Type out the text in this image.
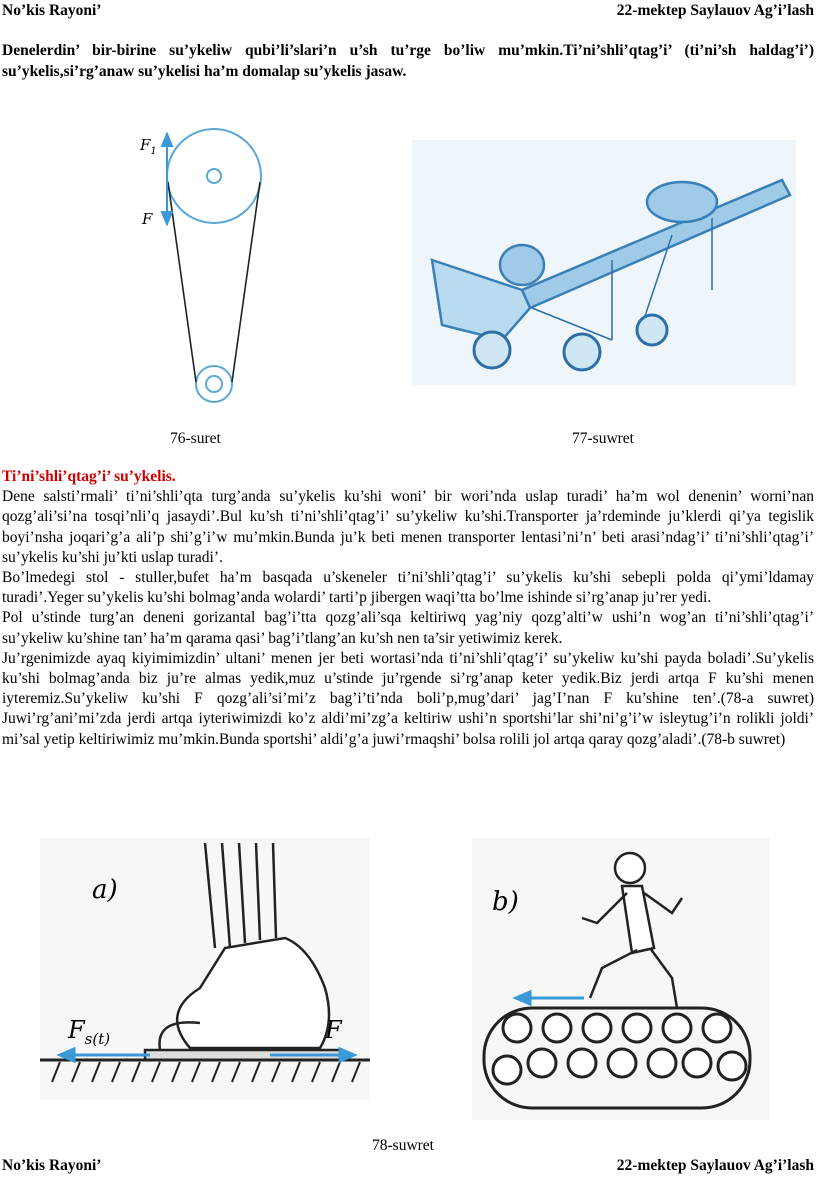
No’kis Rayoni’	22-mektep Saylauov Ag’i’lash
Denelerdin’ bir-birine su’ykeliw qubi’li’slari’n u’sh tu’rge bo’liw mu’mkin.Ti’ni’shli’qtag’i’ (ti’ni’sh haldag’i’) su’ykelis,si’rg’anaw su’ykelisi ha’m domalap su’ykelis jasaw.
$F_1$
F
76-suret	77-suwret
Ti’ni’shli’qtag’i’ su’ykelis.

Dene salsti’rmali’ ti’ni’shli’qta turg’anda su’ykelis ku’shi woni’ bir wori’nda uslap turadi’ ha’m wol denenin’ worni’nan qozg’ali’si’na tosqi’nli’q jasaydi’.Bul ku’sh ti’ni’shli’qtag’i’ su’ykeliw ku’shi.Transporter ja’rdeminde ju’klerdi qi’ya tegislik boyi’nsha joqari’g’a ali’p shi’g’i’w mu’mkin.Bunda ju’k beti menen transporter lentasi’ni’n’ beti arasi’ndag’i’ ti’ni’shli’qtag’i’ su’ykelis ku’shi ju’kti uslap turadi’.

Bo’lmedegi stol - stuller,bufet ha’m basqada u’skeneler ti’ni’shli’qtag’i’ su’ykelis ku’shi sebepli polda qi’ymi’ldamay turadi’.Yeger su’ykelis ku’shi bolmag’anda wolardi’ tarti’p jibergen waqi’tta bo’lme ishinde si’rg’anap ju’rer yedi.

Pol u’stinde turg’an deneni gorizantal bag’i’tta qozg’ali’sqa keltiriwq yag’niy qozg’alti’w ushi’n wog’an ti’ni’shli’qtag’i’ su’ykeliw ku’shine tan’ ha’m qarama qasi’ bag’i’tlang’an ku’sh nen ta’sir yetiwimiz kerek.

Ju’rgenimizde ayaq kiyimimizdin’ ultani’ menen jer beti wortasi’nda ti’ni’shli’qtag’i’ su’ykeliw ku’shi payda boladi’.Su’ykelis ku’shi bolmag’anda biz ju’re almas yedik,muz u’stinde ju’rgende si’rg’anap keter yedik.Biz jerdi artqa F ku’shi menen iyteremiz.Su’ykeliw ku’shi F qozg’ali’si’mi’z bag’i’ti’nda boli’p,mug’dari’ jag’I’nan F ku’shine ten’.(78-a suwret) Juwi’rg’ani’mi’zda jerdi artqa iyteriwimizdi ko’z aldi’mi’zg’a keltiriw ushi’n sportshi’lar shi’ni’g’i’w isleytug’i’n rolikli joldi’ mi’sal yetip keltiriwimiz mu’mkin.Bunda sportshi’ aldi’g’a juwi’rmaqshi’ bolsa rolili jol artqa qaray qozg’aladi’.(78-b suwret)

a)
$F_{s(t)}$	F
b)
78-suwret
No’kis Rayoni’	22-mektep Saylauov Ag’i’lash
